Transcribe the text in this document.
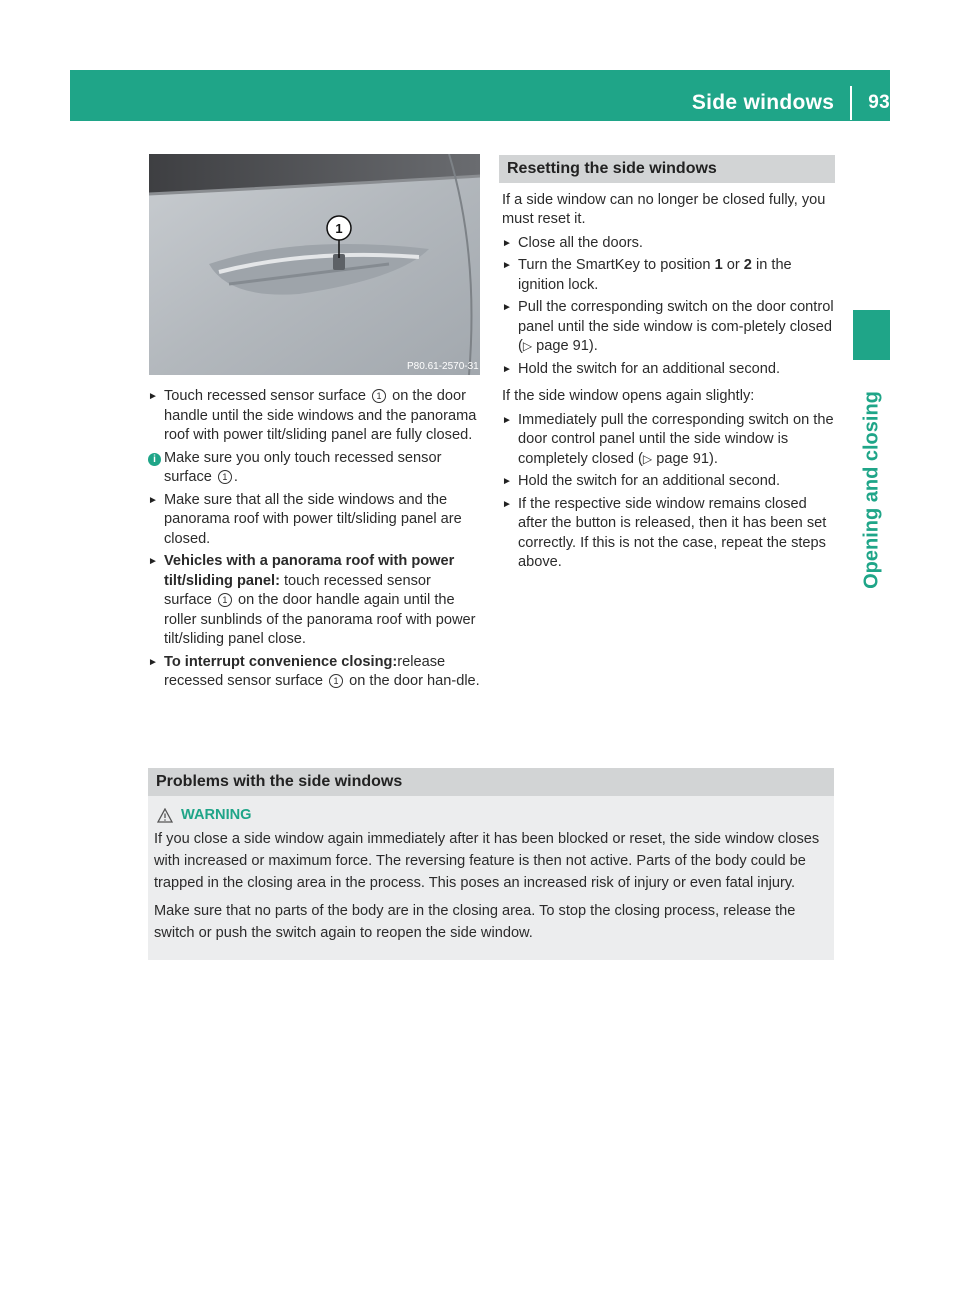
Side windows 93
Opening and closing
1
P80.61-2570-31
► Touch recessed sensor surface 1 on the door handle until the side windows and the panorama roof with power tilt/sliding panel are fully closed.
i Make sure you only touch recessed sensor surface 1 .
► Make sure that all the side windows and the panorama roof with power tilt/sliding panel are closed.
► Vehicles with a panorama roof with power tilt/sliding panel: touch recessed sensor surface 1 on the door handle again until the roller sunblinds of the panorama roof with power tilt/sliding panel close.
► To interrupt convenience closing:release recessed sensor surface 1 on the door han-dle.
Resetting the side windows
If a side window can no longer be closed fully, you must reset it.
► Close all the doors.
► Turn the SmartKey to position 1 or 2 in the ignition lock.
► Pull the corresponding switch on the door control panel until the side window is com-pletely closed (▷ page 91).
► Hold the switch for an additional second.
If the side window opens again slightly:
► Immediately pull the corresponding switch on the door control panel until the side window is completely closed (▷ page 91).
► Hold the switch for an additional second.
► If the respective side window remains closed after the button is released, then it has been set correctly. If this is not the case, repeat the steps above.
Problems with the side windows
WARNING

If you close a side window again immediately after it has been blocked or reset, the side window closes with increased or maximum force. The reversing feature is then not active. Parts of the body could be trapped in the closing area in the process. This poses an increased risk of injury or even fatal injury.

Make sure that no parts of the body are in the closing area. To stop the closing process, release the switch or push the switch again to reopen the side window.
